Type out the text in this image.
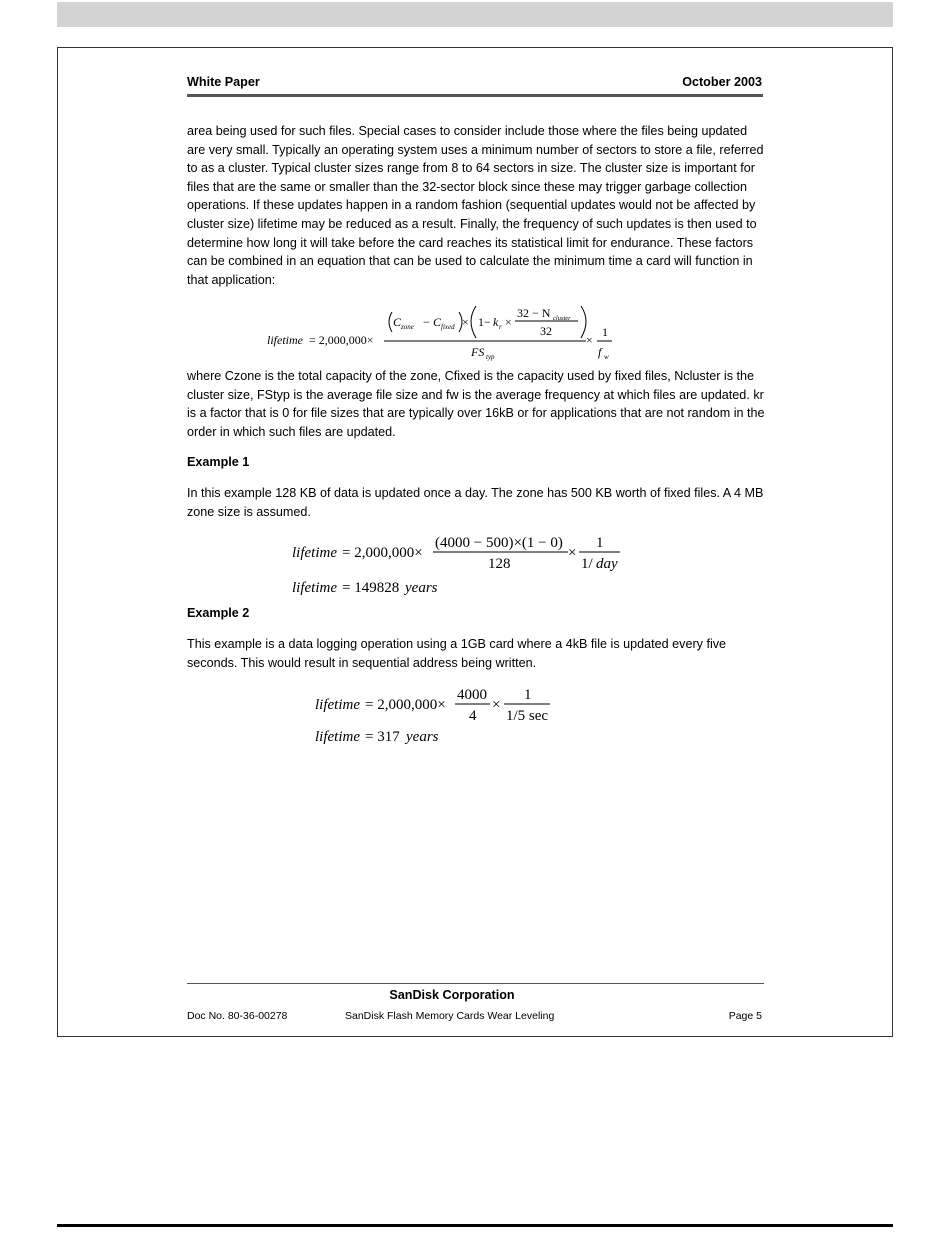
White Paper	October 2003

area being used for such files. Special cases to consider include those where the files being updated are very small. Typically an operating system uses a minimum number of sectors to store a file, referred to as a cluster. Typical cluster sizes range from 8 to 64 sectors in size. The cluster size is important for files that are the same or smaller than the 32-sector block since these may trigger garbage collection operations. If these updates happen in a random fashion (sequential updates would not be affected by cluster size) lifetime may be reduced as a result. Finally, the frequency of such updates is then used to determine how long it will take before the card reaches its statistical limit for endurance. These factors can be combined in an equation that can be used to calculate the minimum time a card will function in that application:

lifetime = 2,000,000×
C zone − C fixed × 1− k r ×
32 − N cluster
32
FS typ
×
1
f w

where Czone is the total capacity of the zone, Cfixed is the capacity used by fixed files, Ncluster is the cluster size, FStyp is the average file size and fw is the average frequency at which files are updated. kr is a factor that is 0 for file sizes that are typically over 16kB or for applications that are not random in the order in which such files are updated.

Example 1

In this example 128 KB of data is updated once a day. The zone has 500 KB worth of fixed files. A 4 MB zone size is assumed.

lifetime = 2,000,000×
(4000 − 500)×(1 − 0)
128
×
1
1/ day
lifetime = 149828 years
Example 2

This example is a data logging operation using a 1GB card where a 4kB file is updated every five seconds. This would result in sequential address being written.

lifetime = 2,000,000×
4000
4
×
1
1/5 sec
lifetime = 317 years
SanDisk Corporation
Doc No. 80-36-00278	SanDisk Flash Memory Cards Wear Leveling	Page 5
